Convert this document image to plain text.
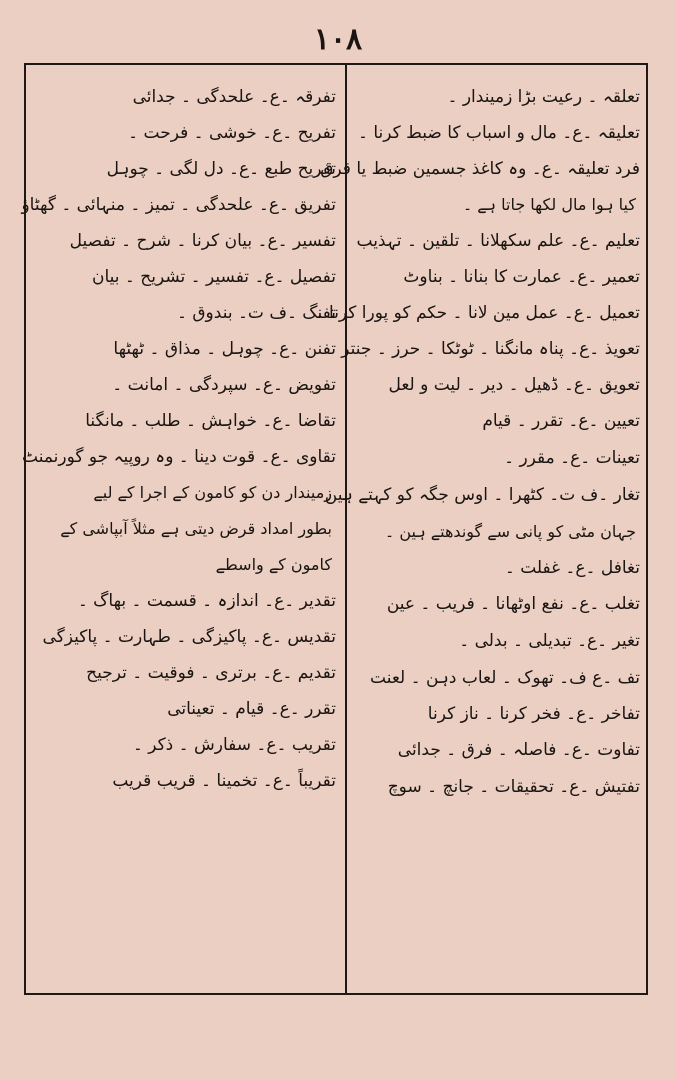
۱۰۸
تعلقہ ۔ رعیت بڑا زمیندار ۔
تعلیقہ ۔ع۔ مال و اسباب کا ضبط کرنا ۔
فرد تعلیقہ ۔ع۔ وہ کاغذ جسمین ضبط یا قرق
کیا ہوا مال لکھا جاتا ہے ۔
تعلیم ۔ع۔ علم سکھلانا ۔ تلقین ۔ تہذیب
تعمیر ۔ع۔ عمارت کا بنانا ۔ بناوٹ
تعمیل ۔ع۔ عمل مین لانا ۔ حکم کو پورا کرنا ۔
تعویذ ۔ع۔ پناہ مانگنا ۔ ٹوٹکا ۔ حرز ۔ جنتر
تعویق ۔ع۔ ڈھیل ۔ دیر ۔ لیت و لعل
تعیین ۔ع۔ تقرر ۔ قیام
تعینات ۔ع۔ مقرر ۔
تغار ۔ف ت۔ کٹھرا ۔ اوس جگہ کو کہتے ہین
جہان مٹی کو پانی سے گوندھتے ہین ۔
تغافل ۔ع۔ غفلت ۔
تغلب ۔ع۔ نفع اوٹھانا ۔ فریب ۔ عین
تغیر ۔ع۔ تبدیلی ۔ بدلی ۔
تف ۔ع ف۔ تھوک ۔ لعاب دہن ۔ لعنت
تفاخر ۔ع۔ فخر کرنا ۔ ناز کرنا
تفاوت ۔ع۔ فاصلہ ۔ فرق ۔ جدائی
تفتیش ۔ع۔ تحقیقات ۔ جانچ ۔ سوچ
تفرقہ ۔ع۔ علحدگی ۔ جدائی
تفریح ۔ع۔ خوشی ۔ فرحت ۔
تفریح طبع ۔ع۔ دل لگی ۔ چوہل
تفریق ۔ع۔ علحدگی ۔ تمیز ۔ منہائی ۔ گھٹاؤ
تفسیر ۔ع۔ بیان کرنا ۔ شرح ۔ تفصیل
تفصیل ۔ع۔ تفسیر ۔ تشریح ۔ بیان
تفنگ ۔ف ت۔ بندوق ۔
تفنن ۔ع۔ چوہل ۔ مذاق ۔ ٹھٹھا
تفویض ۔ع۔ سپردگی ۔ امانت ۔
تقاضا ۔ع۔ خواہش ۔ طلب ۔ مانگنا
تقاوی ۔ع۔ قوت دینا ۔ وہ روپیہ جو گورنمنٹ
زمیندار دن کو کامون کے اجرا کے لیے
بطور امداد قرض دیتی ہے مثلاً آبپاشی کے
کامون کے واسطے
تقدیر ۔ع۔ اندازہ ۔ قسمت ۔ بھاگ ۔
تقدیس ۔ع۔ پاکیزگی ۔ طہارت ۔ پاکیزگی
تقدیم ۔ع۔ برتری ۔ فوقیت ۔ ترجیح
تقرر ۔ع۔ قیام ۔ تعیناتی
تقریب ۔ع۔ سفارش ۔ ذکر ۔
تقریباً ۔ع۔ تخمینا ۔ قریب قریب
